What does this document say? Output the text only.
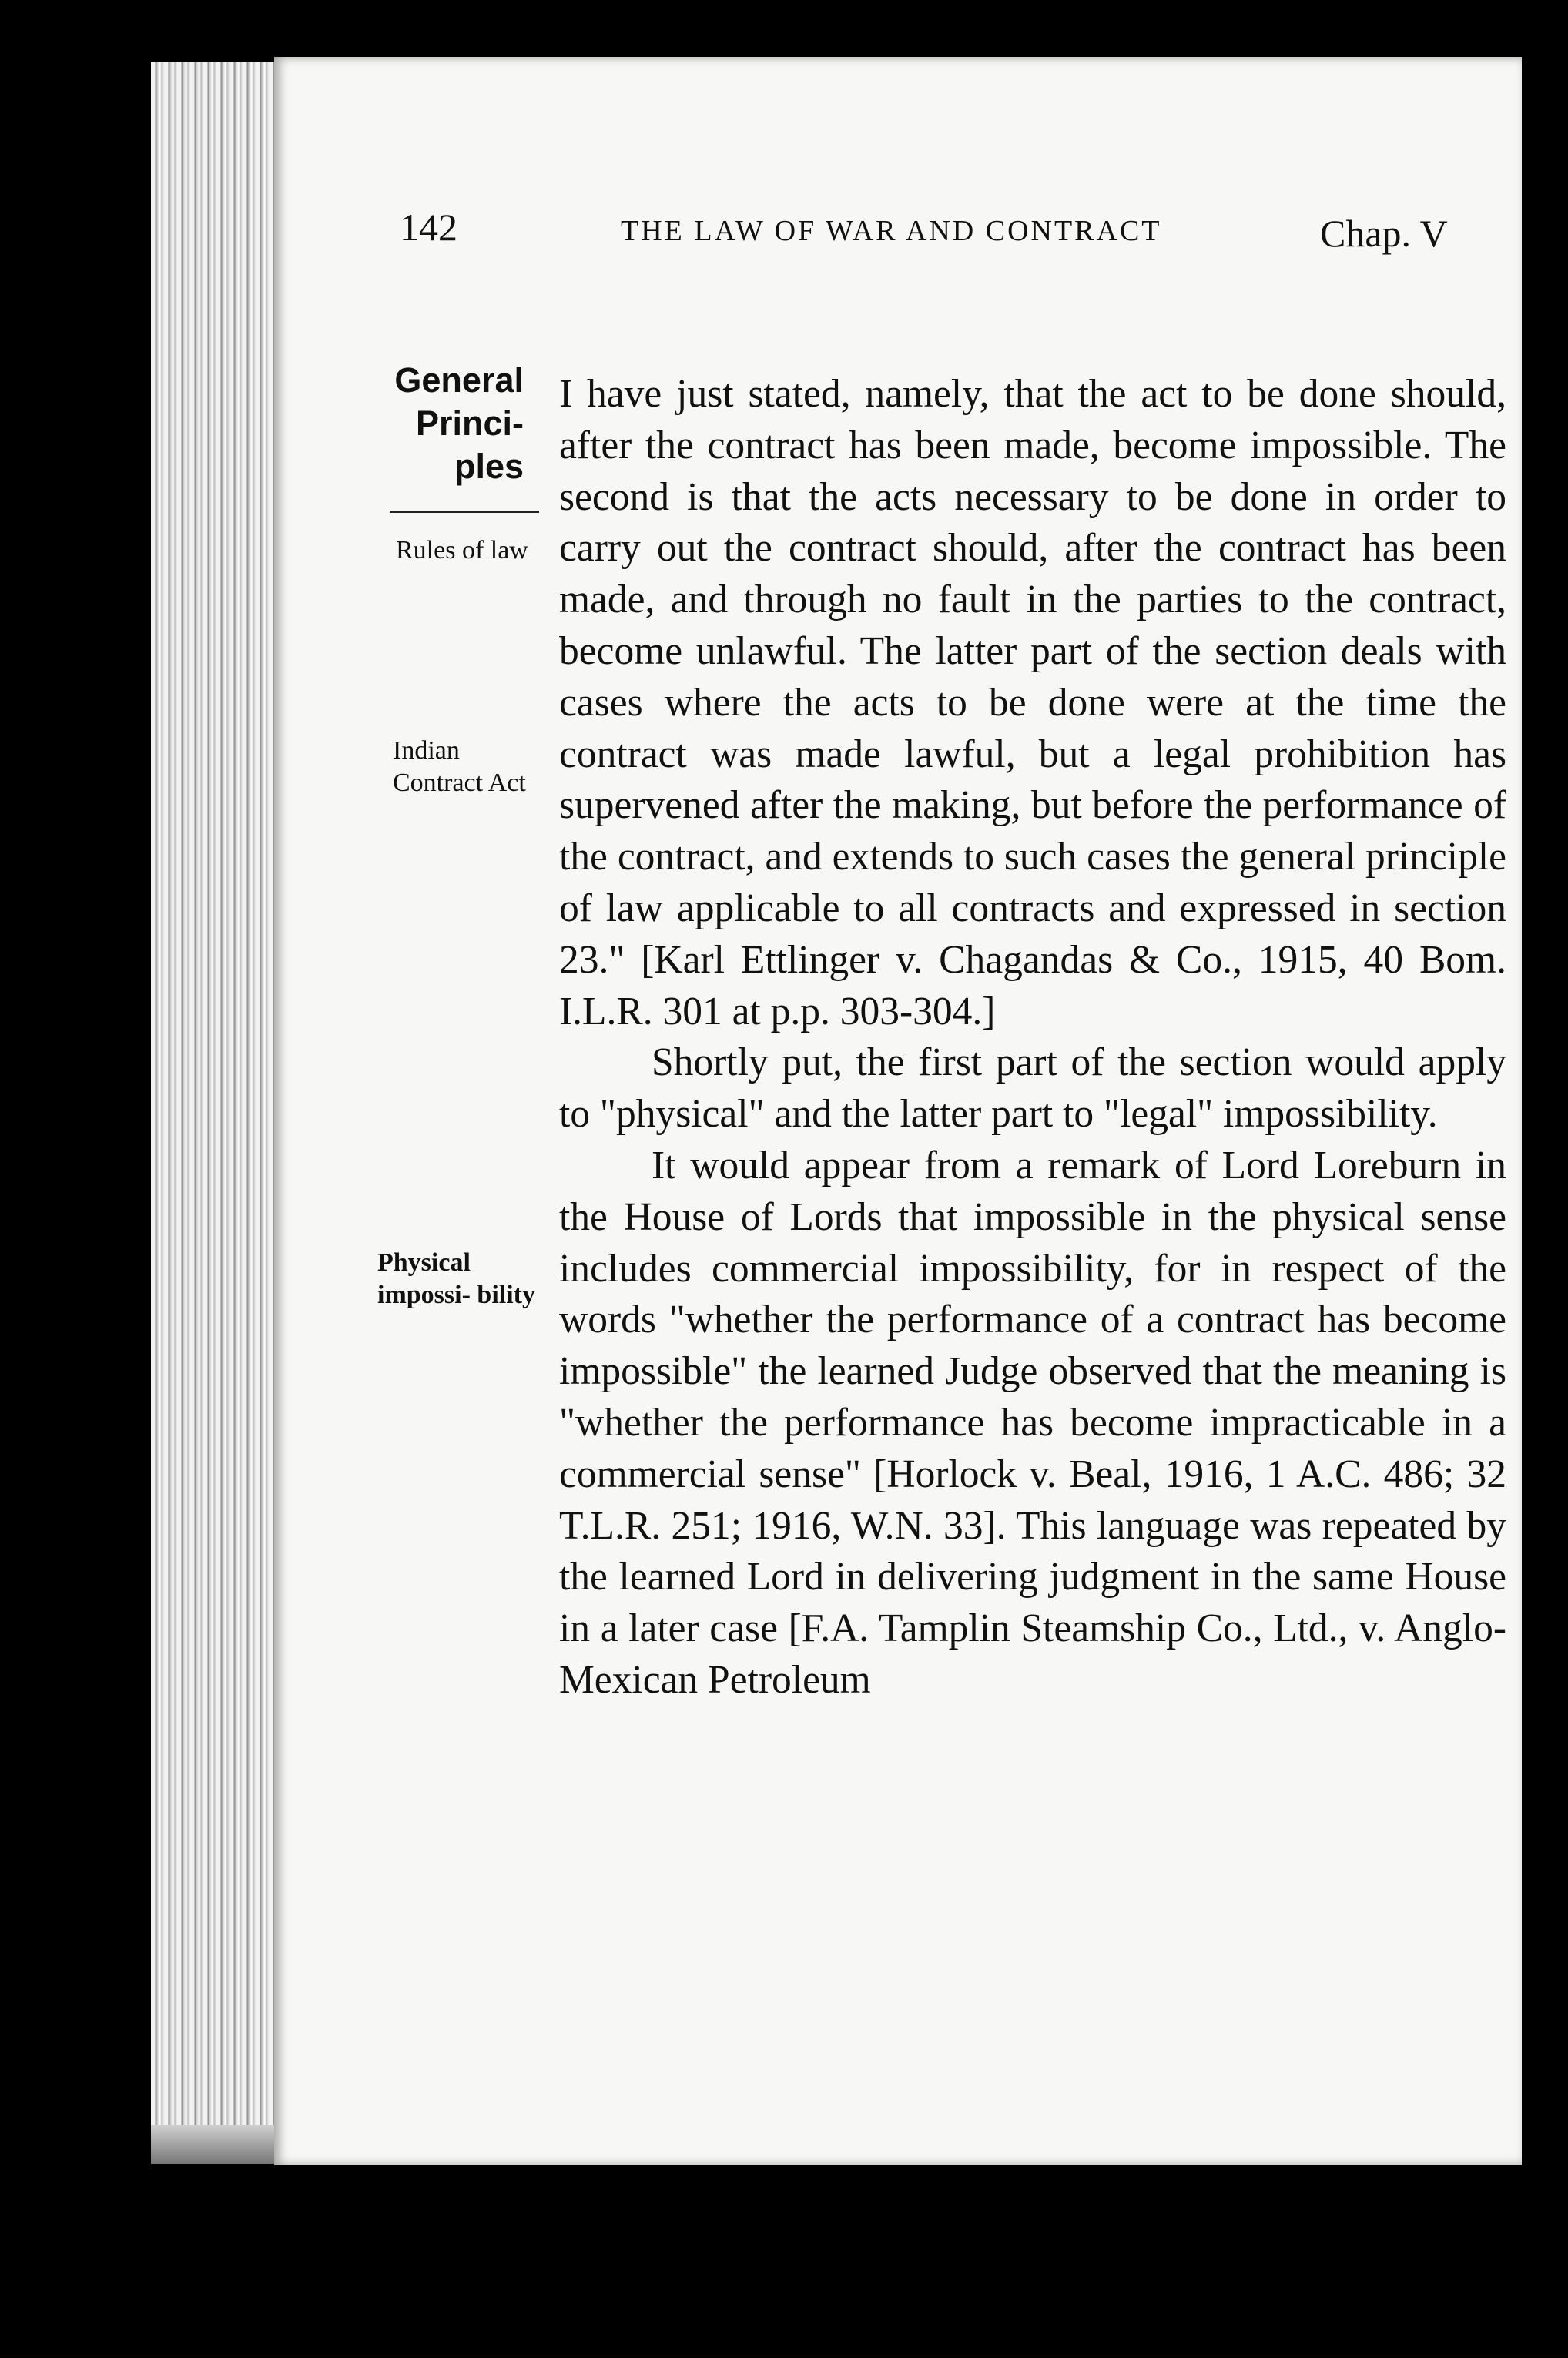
142	THE LAW OF WAR AND CONTRACT	Chap. V
General Princi- ples
Rules of law
Indian Contract Act
Physical impossi- bility

I have just stated, namely, that the act to be done should, after the contract has been made, become impossible. The second is that the acts necessary to be done in order to carry out the contract should, after the contract has been made, and through no fault in the parties to the contract, become unlawful. The latter part of the section deals with cases where the acts to be done were at the time the contract was made lawful, but a legal prohibition has supervened after the making, but before the performance of the contract, and extends to such cases the general principle of law applicable to all contracts and expressed in section 23." [Karl Ettlinger v. Chagandas & Co., 1915, 40 Bom. I.L.R. 301 at p.p. 303-304.]

Shortly put, the first part of the section would apply to "physical" and the latter part to "legal" impossibility.

It would appear from a remark of Lord Loreburn in the House of Lords that impossible in the physical sense includes commercial impossibility, for in respect of the words "whether the performance of a contract has become impossible" the learned Judge observed that the meaning is "whether the performance has become impracticable in a commercial sense" [Horlock v. Beal, 1916, 1 A.C. 486; 32 T.L.R. 251; 1916, W.N. 33]. This language was repeated by the learned Lord in delivering judgment in the same House in a later case [F.A. Tamplin Steamship Co., Ltd., v. Anglo-Mexican Petroleum
